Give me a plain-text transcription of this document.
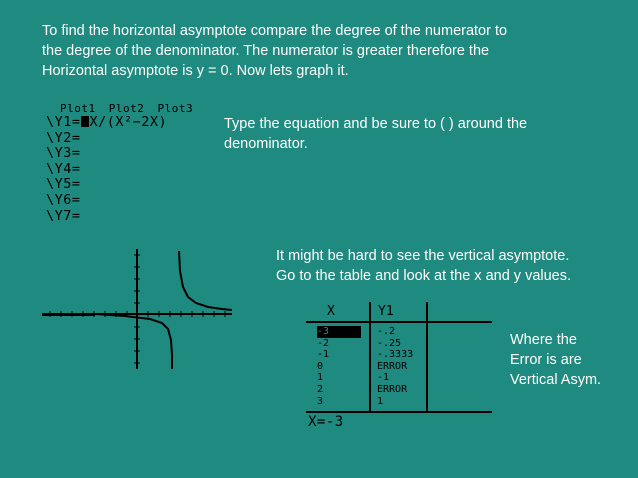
To find the horizontal asymptote compare the degree of the numerator to
the degree of the denominator. The numerator is greater therefore the
Horizontal asymptote is y = 0. Now lets graph it.

Plot1 Plot2 Plot3
\Y1= X/(X²−2X)
\Y2=
\Y3=
\Y4=
\Y5=
\Y6=
\Y7=

Type the equation and be sure to ( ) around the
denominator.

It might be hard to see the vertical asymptote.
Go to the table and look at the x and y values.

X	Y1
-3
-2
-1
0
1
2
3
-.2
-.25
-.3333
ERROR
-1
ERROR
1
X=-3

Where the
Error is are
Vertical Asym.
